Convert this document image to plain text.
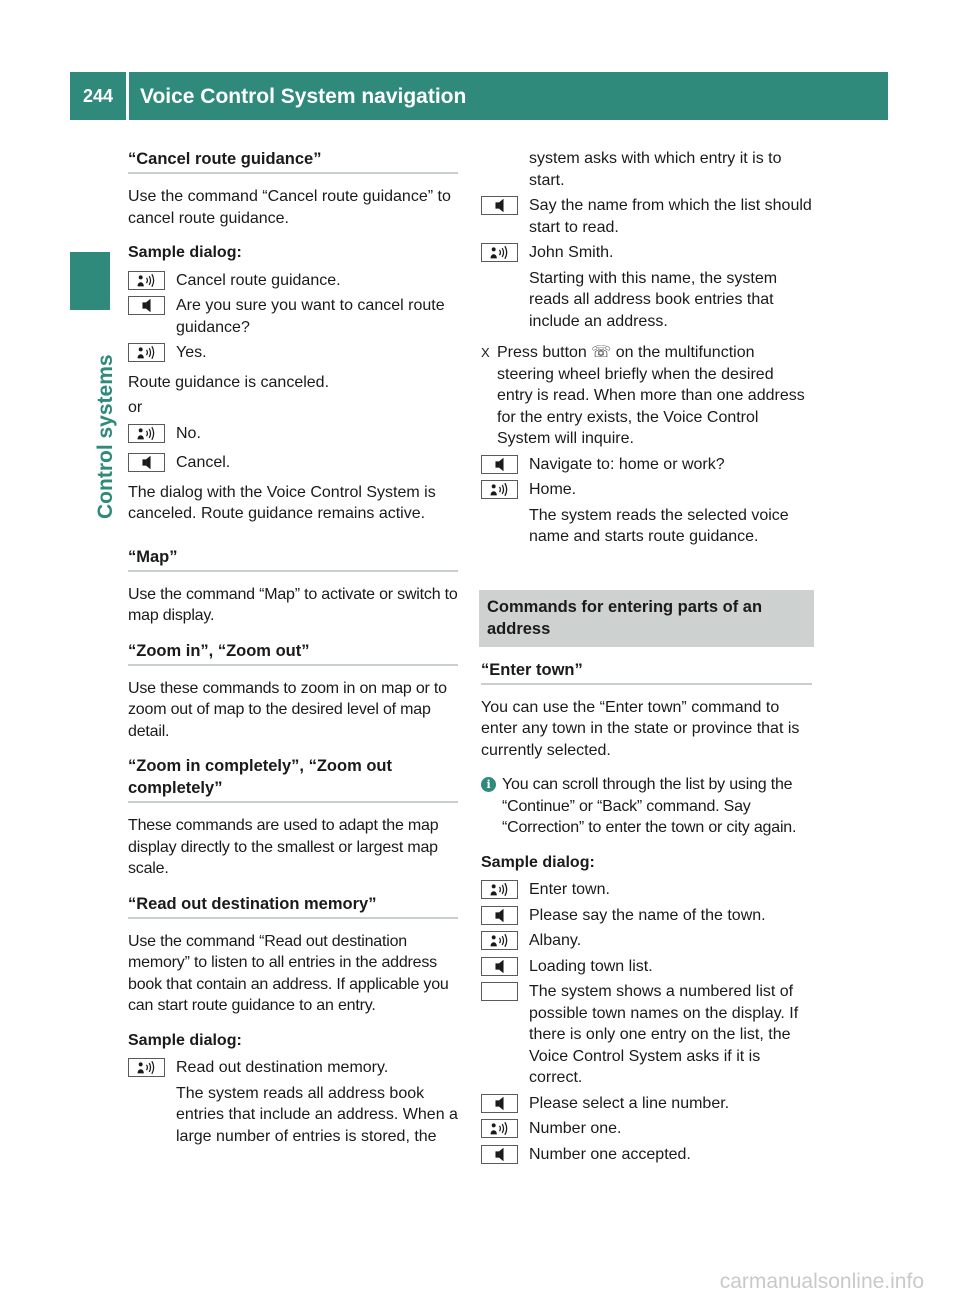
244	Voice Control System navigation
Control systems
“Cancel route guidance”
Use the command “Cancel route guidance” to cancel route guidance.
Sample dialog:
Cancel route guidance.
Are you sure you want to cancel route guidance?
Yes.
Route guidance is canceled.
or
No.
Cancel.
The dialog with the Voice Control System is canceled. Route guidance remains active.
“Map”
Use the command “Map” to activate or switch to map display.
“Zoom in”, “Zoom out”
Use these commands to zoom in on map or to zoom out of map to the desired level of map detail.
“Zoom in completely”, “Zoom out completely”
These commands are used to adapt the map display directly to the smallest or largest map scale.
“Read out destination memory”
Use the command “Read out destination memory” to listen to all entries in the address book that contain an address. If applicable you can start route guidance to an entry.
Sample dialog:
Read out destination memory.
The system reads all address book entries that include an address. When a large number of entries is stored, the
system asks with which entry it is to start.
Say the name from which the list should start to read.
John Smith.
Starting with this name, the system reads all address book entries that include an address.
X Press button ☏ on the multifunction steering wheel briefly when the desired entry is read. When more than one address for the entry exists, the Voice Control System will inquire.
Navigate to: home or work?
Home.
The system reads the selected voice name and starts route guidance.
Commands for entering parts of an address
“Enter town”
You can use the “Enter town” command to enter any town in the state or province that is currently selected.
i You can scroll through the list by using the “Continue” or “Back” command. Say “Correction” to enter the town or city again.
Sample dialog:
Enter town.
Please say the name of the town.
Albany.
Loading town list.
The system shows a numbered list of possible town names on the display. If there is only one entry on the list, the Voice Control System asks if it is correct.
Please select a line number.
Number one.
Number one accepted.
carmanualsonline.info
